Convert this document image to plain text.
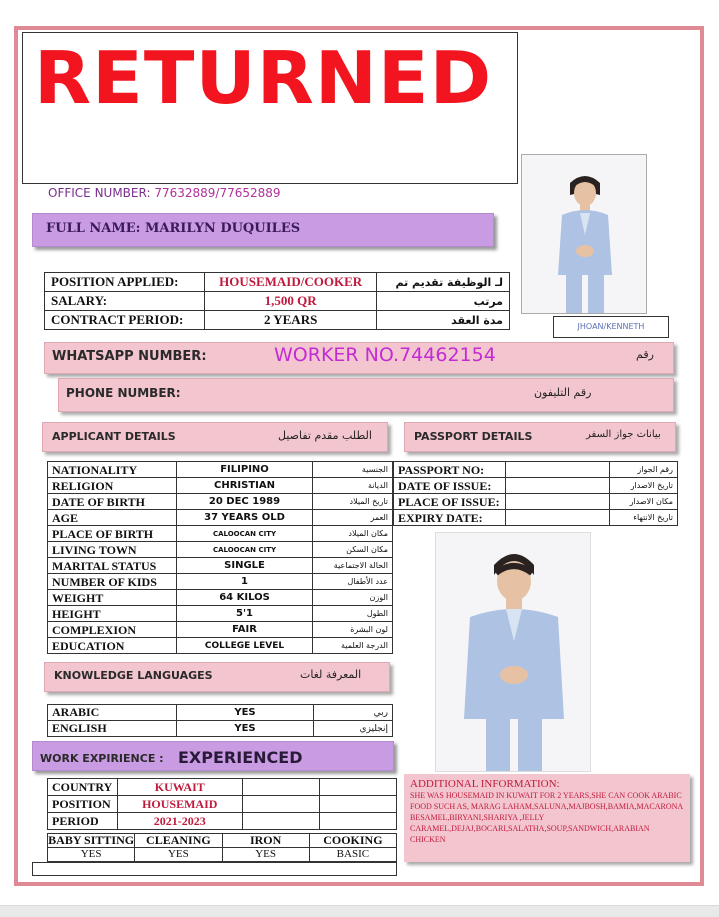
RETURNED
OFFICE NUMBER: 77632889/77652889
FULL NAME: MARILYN DUQUILES
JHOAN/KENNETH
POSITION APPLIED:	HOUSEMAID/COOKER	لـ الوظيفة تقديم تم
SALARY:	1,500 QR	مرتب
CONTRACT PERIOD:	2 YEARS	مدة العقد
WHATSAPP NUMBER:	WORKER NO.74462154	رقم
PHONE NUMBER:	رقم التليفون
APPLICANT DETAILS	الطلب مقدم تفاصيل	PASSPORT DETAILS	بيانات جواز السفر
NATIONALITY	FILIPINO	الجنسية
RELIGION	CHRISTIAN	الديانة
DATE OF BIRTH	20 DEC 1989	تاريخ الميلاد
AGE	37 YEARS OLD	العمر
PLACE OF BIRTH	CALOOCAN CITY	مكان الميلاد
LIVING TOWN	CALOOCAN CITY	مكان السكن
MARITAL STATUS	SINGLE	الحالة الاجتماعية
NUMBER OF KIDS	1	عدد الأطفال
WEIGHT	64 KILOS	الوزن
HEIGHT	5'1	الطول
COMPLEXION	FAIR	لون البشرة
EDUCATION	COLLEGE LEVEL	الدرجة العلمية
PASSPORT NO:		رقم الجواز
DATE OF ISSUE:		تاريخ الاصدار
PLACE OF ISSUE:		مكان الاصدار
EXPIRY DATE:		تاريخ الانتهاء
KNOWLEDGE LANGUAGES	المعرفة لغات
ARABIC	YES	ربي
ENGLISH	YES	إنجليزي
WORK EXPIRIENCE : EXPERIENCED
COUNTRY	KUWAIT		
POSITION	HOUSEMAID		
PERIOD	2021-2023		
BABY SITTING	CLEANING	IRON	COOKING
YES	YES	YES	BASIC
ADDITIONAL INFORMATION:
SHE WAS HOUSEMAID IN KUWAIT FOR 2 YEARS,SHE CAN COOK ARABIC FOOD SUCH AS, MARAG LAHAM,SALUNA,MAJBOSH,BAMIA,MACARONA BESAMEL,BIRYANI,SHARIYA ,JELLY CARAMEL,DEJAJ,BOCARI,SALATHA,SOUP,SANDWICH,ARABIAN CHICKEN
